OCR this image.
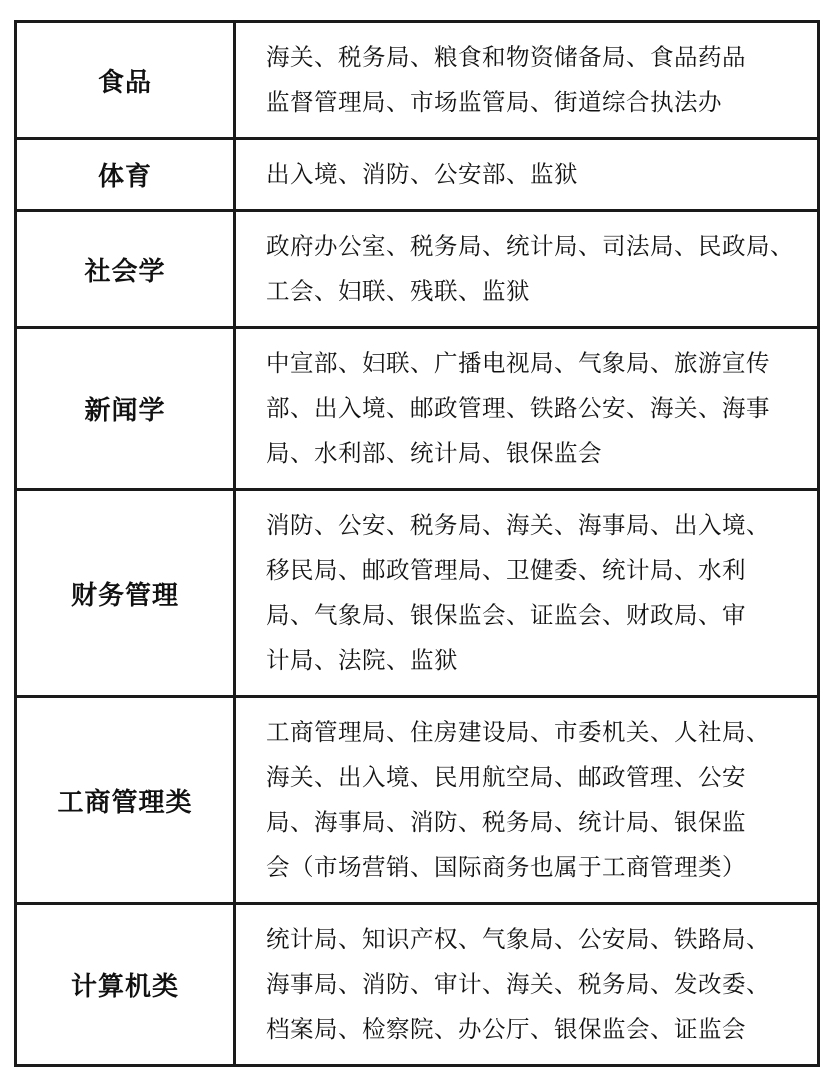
食品	海关、税务局、粮食和物资储备局、食品药品
监督管理局、市场监管局、街道综合执法办
体育	出入境、消防、公安部、监狱
社会学	政府办公室、税务局、统计局、司法局、民政局、
工会、妇联、残联、监狱
新闻学	中宣部、妇联、广播电视局、气象局、旅游宣传
部、出入境、邮政管理、铁路公安、海关、海事
局、水利部、统计局、银保监会
财务管理	消防、公安、税务局、海关、海事局、出入境、
移民局、邮政管理局、卫健委、统计局、水利
局、气象局、银保监会、证监会、财政局、审
计局、法院、监狱
工商管理类	工商管理局、住房建设局、市委机关、人社局、
海关、出入境、民用航空局、邮政管理、公安
局、海事局、消防、税务局、统计局、银保监
会（市场营销、国际商务也属于工商管理类）
计算机类	统计局、知识产权、气象局、公安局、铁路局、
海事局、消防、审计、海关、税务局、发改委、
档案局、检察院、办公厅、银保监会、证监会
